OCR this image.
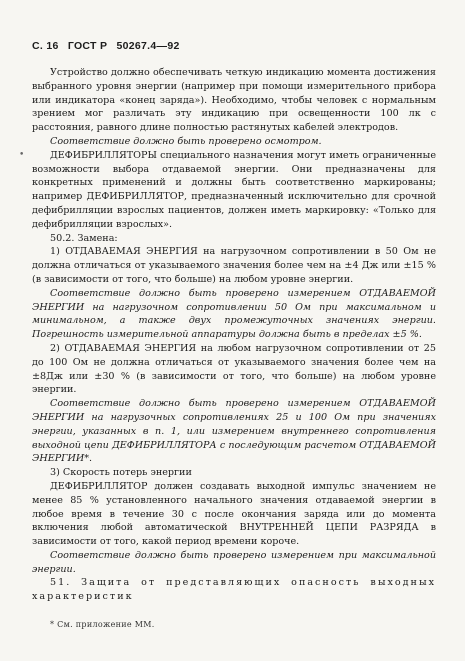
С. 16 ГОСТ Р 50267.4—92
•

Устройство должно обеспечивать четкую индикацию момента достижения выбранного уровня энергии (например при помощи измерительного прибора или индикатора «конец заряда»). Необходимо, чтобы человек с нормальным зрением мог различать эту индикацию при освещенности 100 лк с расстояния, равного длине полностью растянутых кабелей электродов.

Соответствие должно быть проверено осмотром.

ДЕФИБРИЛЛЯТОРЫ специального назначения могут иметь ограниченные возможности выбора отдаваемой энергии. Они предназначены для конкретных применений и должны быть соответственно маркированы; например ДЕФИБРИЛЛЯТОР, предназначенный исключительно для срочной дефибрилляции взрослых пациентов, должен иметь маркировку: «Только для дефибрилляции взрослых».

50.2. Замена:

1) ОТДАВАЕМАЯ ЭНЕРГИЯ на нагрузочном сопротивлении в 50 Ом не должна отличаться от указываемого значения более чем на ±4 Дж или ±15 % (в зависимости от того, что больше) на любом уровне энергии.

Соответствие должно быть проверено измерением ОТДАВАЕМОЙ ЭНЕРГИИ на нагрузочном сопротивлении 50 Ом при максимальном и минимальном, а также двух промежуточных значениях энергии. Погрешность измерительной аппаратуры должна быть в пределах ±5 %.

2) ОТДАВАЕМАЯ ЭНЕРГИЯ на любом нагрузочном сопротивлении от 25 до 100 Ом не должна отличаться от указываемого значения более чем на ±8Дж или ±30 % (в зависимости от того, что больше) на любом уровне энергии.

Соответствие должно быть проверено измерением ОТДАВАЕМОЙ ЭНЕРГИИ на нагрузочных сопротивлениях 25 и 100 Ом при значениях энергии, указанных в п. 1, или измерением внутреннего сопротивления выходной цепи ДЕФИБРИЛЛЯТОРА с последующим расчетом ОТДАВАЕМОЙ ЭНЕРГИИ*.

3) Скорость потерь энергии

ДЕФИБРИЛЛЯТОР должен создавать выходной импульс значением не менее 85 % установленного начального значения отдаваемой энергии в любое время в течение 30 с после окончания заряда или до момента включения любой автоматической ВНУТРЕННЕЙ ЦЕПИ РАЗРЯДА в зависимости от того, какой период времени короче.

Соответствие должно быть проверено измерением при максимальной энергии.

51. Защита от представляющих опасность выходных характеристик

* См. приложение ММ.
